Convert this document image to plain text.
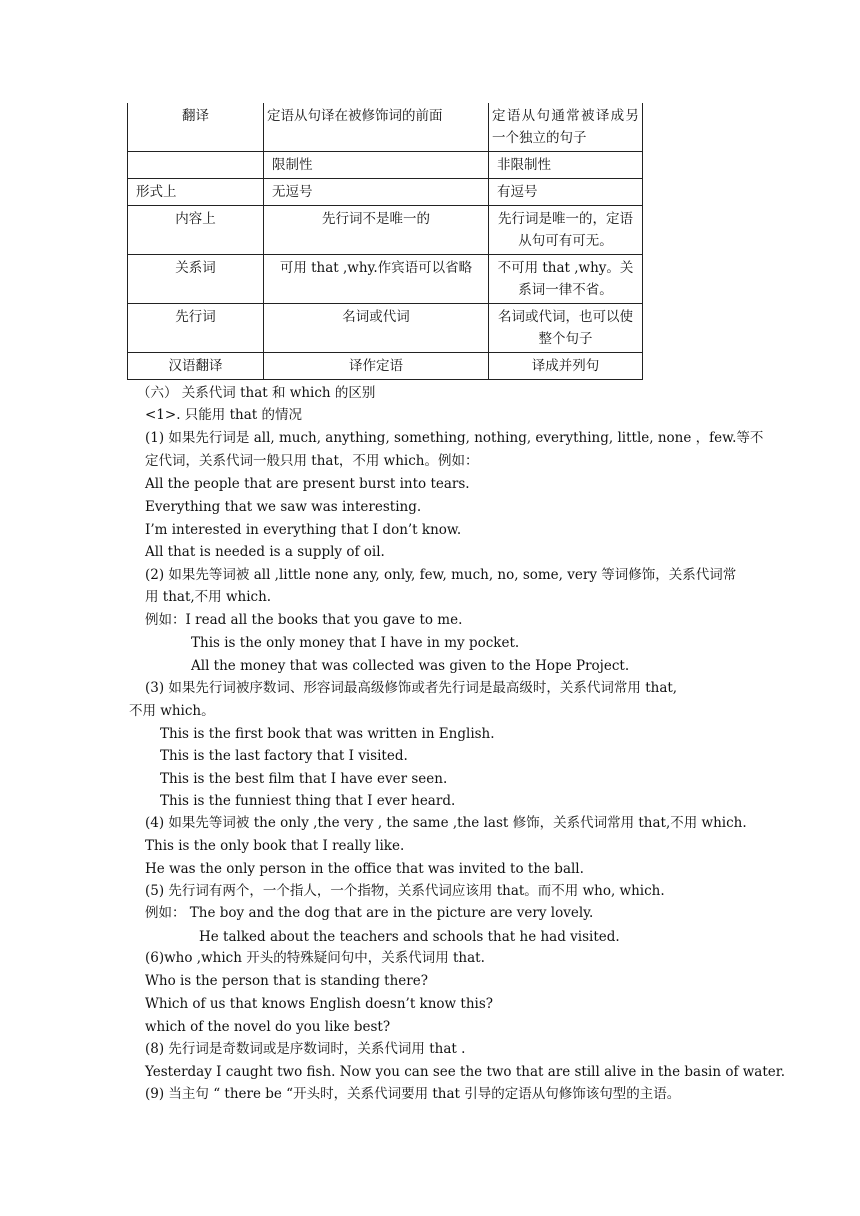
翻译	定语从句译在被修饰词的前面	定语从句通常被译成另一个独立的句子
	限制性	非限制性
形式上	无逗号	有逗号
内容上	先行词不是唯一的	先行词是唯一的，定语从句可有可无。
关系词	可用 that ,why.作宾语可以省略	不可用 that ,why。关系词一律不省。
先行词	名词或代词	名词或代词，也可以使整个句子
汉语翻译	译作定语	译成并列句
（六） 关系代词 that 和 which 的区别
<1>. 只能用 that 的情况
(1) 如果先行词是 all, much, anything, something, nothing, everything, little, none ，few.等不
定代词，关系代词一般只用 that，不用 which。例如：
All the people that are present burst into tears.
Everything that we saw was interesting.
I’m interested in everything that I don’t know.
All that is needed is a supply of oil.
(2) 如果先等词被 all ,little none any, only, few, much, no, some, very 等词修饰，关系代词常
用 that,不用 which.
例如：I read all the books that you gave to me.
This is the only money that I have in my pocket.
All the money that was collected was given to the Hope Project.
(3) 如果先行词被序数词、形容词最高级修饰或者先行词是最高级时，关系代词常用 that,
不用 which。
This is the first book that was written in English.
This is the last factory that I visited.
This is the best film that I have ever seen.
This is the funniest thing that I ever heard.
(4) 如果先等词被 the only ,the very , the same ,the last 修饰，关系代词常用 that,不用 which.
This is the only book that I really like.
He was the only person in the office that was invited to the ball.
(5) 先行词有两个，一个指人，一个指物，关系代词应该用 that。而不用 who, which.
例如： The boy and the dog that are in the picture are very lovely.
He talked about the teachers and schools that he had visited.
(6)who ,which 开头的特殊疑问句中，关系代词用 that.
Who is the person that is standing there?
Which of us that knows English doesn’t know this?
which of the novel do you like best?
(8) 先行词是奇数词或是序数词时，关系代词用 that .
Yesterday I caught two fish. Now you can see the two that are still alive in the basin of water.
(9) 当主句 “ there be “开头时，关系代词要用 that 引导的定语从句修饰该句型的主语。
